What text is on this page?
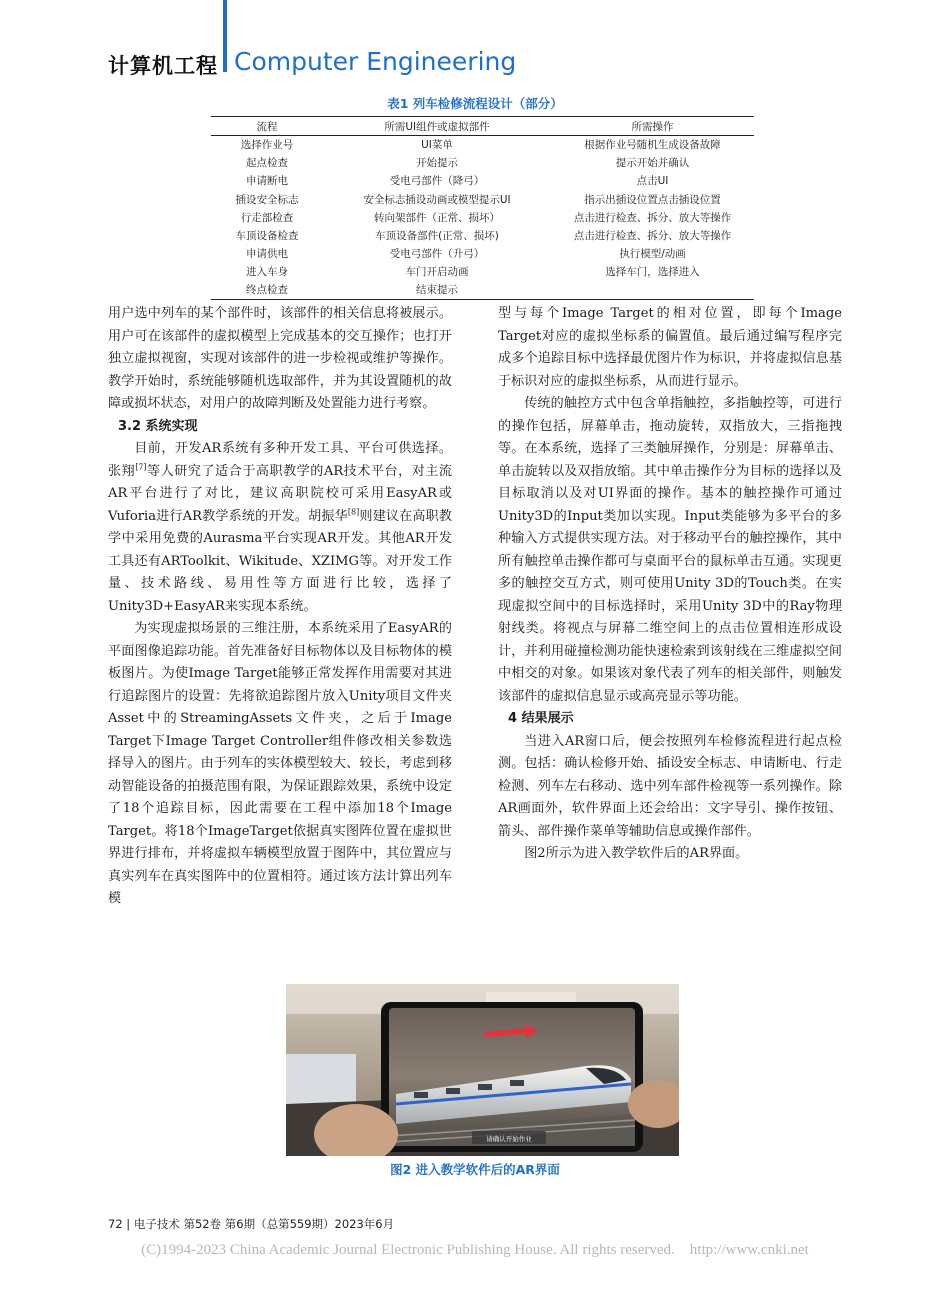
计算机工程 Computer Engineering
表1 列车检修流程设计（部分）
流程	所需UI组件或虚拟部件	所需操作
选择作业号	UI菜单	根据作业号随机生成设备故障
起点检查	开始提示	提示开始并确认
申请断电	受电弓部件（降弓）	点击UI
插设安全标志	安全标志插设动画或模型提示UI	指示出插设位置点击插设位置
行走部检查	转向架部件（正常、损坏）	点击进行检查、拆分、放大等操作
车顶设备检查	车顶设备部件(正常、损坏)	点击进行检查、拆分、放大等操作
申请供电	受电弓部件（升弓）	执行模型/动画
进入车身	车门开启动画	选择车门，选择进入
终点检查	结束提示	

用户选中列车的某个部件时，该部件的相关信息将被展示。用户可在该部件的虚拟模型上完成基本的交互操作；也打开独立虚拟视窗，实现对该部件的进一步检视或维护等操作。教学开始时，系统能够随机选取部件，并为其设置随机的故障或损坏状态，对用户的故障判断及处置能力进行考察。

3.2 系统实现

目前，开发AR系统有多种开发工具、平台可供选择。张翔[7]等人研究了适合于高职教学的AR技术平台，对主流AR平台进行了对比，建议高职院校可采用EasyAR或Vuforia进行AR教学系统的开发。胡振华[8]则建议在高职教学中采用免费的Aurasma平台实现AR开发。其他AR开发工具还有ARToolkit、Wikitude、XZIMG等。对开发工作量、技术路线、易用性等方面进行比较，选择了Unity3D+EasyAR来实现本系统。

为实现虚拟场景的三维注册，本系统采用了EasyAR的平面图像追踪功能。首先准备好目标物体以及目标物体的模板图片。为使Image Target能够正常发挥作用需要对其进行追踪图片的设置：先将欲追踪图片放入Unity项目文件夹Asset中的StreamingAssets文件夹，之后于Image Target下Image Target Controller组件修改相关参数选择导入的图片。由于列车的实体模型较大、较长，考虑到移动智能设备的拍摄范围有限，为保证跟踪效果，系统中设定了18个追踪目标，因此需要在工程中添加18个Image Target。将18个ImageTarget依据真实图阵位置在虚拟世界进行排布，并将虚拟车辆模型放置于图阵中，其位置应与真实列车在真实图阵中的位置相符。通过该方法计算出列车模

型与每个Image Target的相对位置，即每个Image Target对应的虚拟坐标系的偏置值。最后通过编写程序完成多个追踪目标中选择最优图片作为标识，并将虚拟信息基于标识对应的虚拟坐标系，从而进行显示。

传统的触控方式中包含单指触控，多指触控等，可进行的操作包括，屏幕单击，拖动旋转，双指放大，三指拖拽等。在本系统，选择了三类触屏操作，分别是：屏幕单击、单击旋转以及双指放缩。其中单击操作分为目标的选择以及目标取消以及对UI界面的操作。基本的触控操作可通过Unity3D的Input类加以实现。Input类能够为多平台的多种输入方式提供实现方法。对于移动平台的触控操作，其中所有触控单击操作都可与桌面平台的鼠标单击互通。实现更多的触控交互方式，则可使用Unity 3D的Touch类。在实现虚拟空间中的目标选择时，采用Unity 3D中的Ray物理射线类。将视点与屏幕二维空间上的点击位置相连形成设计，并利用碰撞检测功能快速检索到该射线在三维虚拟空间中相交的对象。如果该对象代表了列车的相关部件，则触发该部件的虚拟信息显示或高亮显示等功能。

4 结果展示

当进入AR窗口后，便会按照列车检修流程进行起点检测。包括：确认检修开始、插设安全标志、申请断电、行走检测、列车左右移动、选中列车部件检视等一系列操作。除AR画面外，软件界面上还会给出：文字导引、操作按钮、箭头、部件操作菜单等辅助信息或操作部件。

图2所示为进入教学软件后的AR界面。

请确认开始作业
图2 进入教学软件后的AR界面
72 | 电子技术 第52卷 第6期（总第559期）2023年6月
(C)1994-2023 China Academic Journal Electronic Publishing House. All rights reserved.    http://www.cnki.net
